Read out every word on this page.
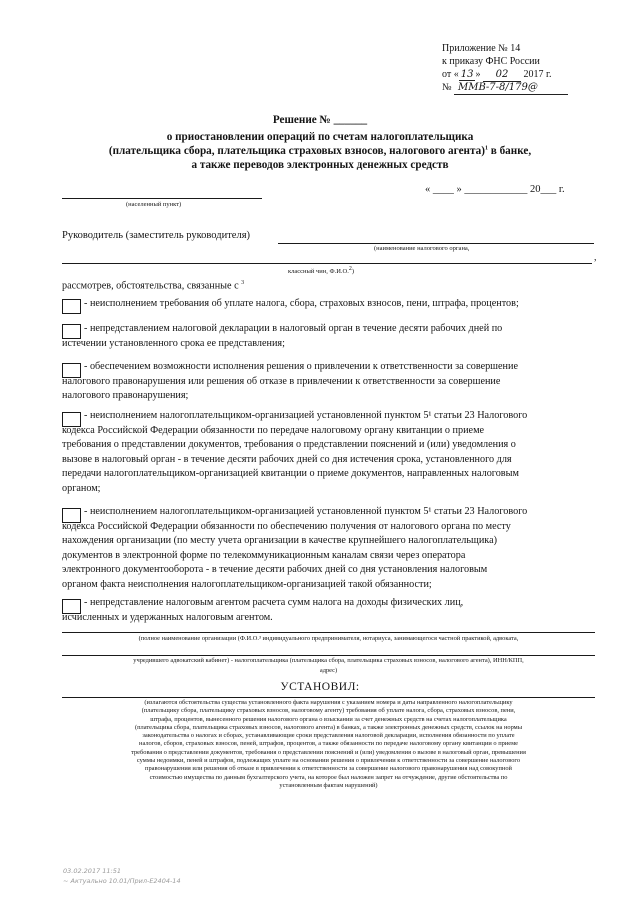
Приложение № 14
к приказу ФНС России
от « 13 » 02 2017 г.
№ ММВ-7-8/179@
Решение № ______
о приостановлении операций по счетам налогоплательщика
(плательщика сбора, плательщика страховых взносов, налогового агента)$^1$ в банке,
а также переводов электронных денежных средств
(населенный пункт)
« ____ » ____________ 20___ г.
Руководитель (заместитель руководителя)
(наименование налогового органа,
,
классный чин, Ф.И.О.2)
рассмотрев, обстоятельства, связанные с $^3$
- неисполнением требования об уплате налога, сбора, страховых взносов, пени, штрафа, процентов;
- непредставлением налоговой декларации в налоговый орган в течение десяти рабочих дней по
истечении установленного срока ее представления;
- обеспечением возможности исполнения решения о привлечении к ответственности за совершение
налогового правонарушения или решения об отказе в привлечении к ответственности за совершение
налогового правонарушения;
- неисполнением налогоплательщиком-организацией установленной пунктом 5¹ статьи 23 Налогового
кодекса Российской Федерации обязанности по передаче налоговому органу квитанции о приеме
требования о представлении документов, требования о представлении пояснений и (или) уведомления о
вызове в налоговый орган - в течение десяти рабочих дней со дня истечения срока, установленного для
передачи налогоплательщиком-организацией квитанции о приеме документов, направленных налоговым
органом;
- неисполнением налогоплательщиком-организацией установленной пунктом 5¹ статьи 23 Налогового
кодекса Российской Федерации обязанности по обеспечению получения от налогового органа по месту
нахождения организации (по месту учета организации в качестве крупнейшего налогоплательщика)
документов в электронной форме по телекоммуникационным каналам связи через оператора
электронного документооборота - в течение десяти рабочих дней со дня установления налоговым
органом факта неисполнения налогоплательщиком-организацией такой обязанности;
- непредставление налоговым агентом расчета сумм налога на доходы физических лиц,
исчисленных и удержанных налоговым агентом.
(полное наименование организации (Ф.И.О.³ индивидуального предпринимателя, нотариуса, занимающегося частной практикой, адвоката,
учредившего адвокатский кабинет) - налогоплательщика (плательщика сбора, плательщика страховых взносов, налогового агента), ИНН/КПП,
адрес)
УСТАНОВИЛ:
(излагаются обстоятельства существа установленного факта нарушения с указанием номера и даты направленного налогоплательщику
(плательщику сбора, плательщику страховых взносов, налоговому агенту) требования об уплате налога, сбора, страховых взносов, пени,
штрафа, процентов, вынесенного решения налогового органа о взыскании за счет денежных средств на счетах налогоплательщика
(плательщика сбора, плательщика страховых взносов, налогового агента) в банках, а также электронных денежных средств, ссылок на нормы
законодательства о налогах и сборах, устанавливающие сроки представления налоговой декларации, исполнения обязанности по уплате
налогов, сборов, страховых взносов, пеней, штрафов, процентов, а также обязанности по передаче налоговому органу квитанции о приеме
требования о представлении документов, требования о представлении пояснений и (или) уведомления о вызове в налоговый орган, превышения
суммы недоимки, пеней и штрафов, подлежащих уплате на основании решения о привлечении к ответственности за совершение налогового
правонарушения или решения об отказе в привлечении к ответственности за совершение налогового правонарушения над совокупной
стоимостью имущества по данным бухгалтерского учета, на которое был наложен запрет на отчуждение, другие обстоятельства по
установленным фактам нарушений)
03.02.2017 11:51
~ Актуально 10.01/Прил-Е2404-14
